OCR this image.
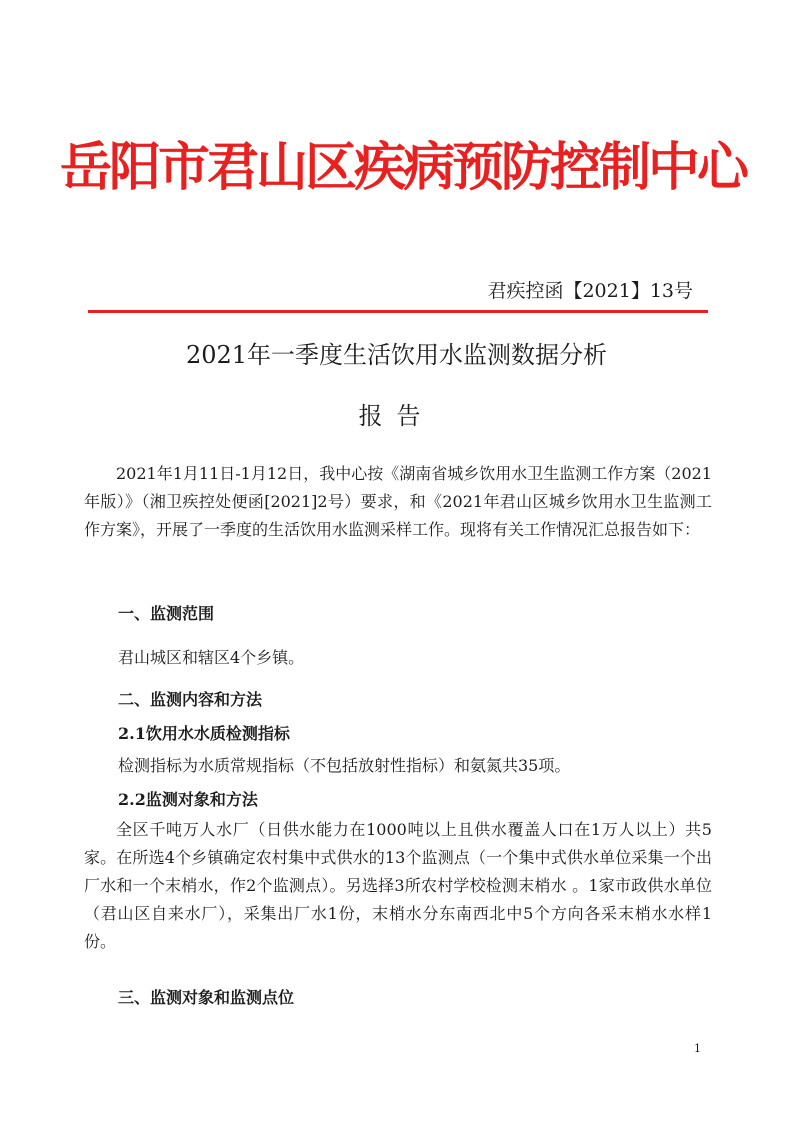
岳阳市君山区疾病预防控制中心
君疾控函【2021】13号
2021年一季度生活饮用水监测数据分析
报告
2021年1月11日-1月12日，我中心按《湖南省城乡饮用水卫生监测工作方案（2021年版）》（湘卫疾控处便函[2021]2号）要求，和《2021年君山区城乡饮用水卫生监测工作方案》，开展了一季度的生活饮用水监测采样工作。现将有关工作情况汇总报告如下：
一、监测范围
君山城区和辖区4个乡镇。
二、监测内容和方法
2.1饮用水水质检测指标
检测指标为水质常规指标（不包括放射性指标）和氨氮共35项。
2.2监测对象和方法
全区千吨万人水厂（日供水能力在1000吨以上且供水覆盖人口在1万人以上）共5家。在所选4个乡镇确定农村集中式供水的13个监测点（一个集中式供水单位采集一个出厂水和一个末梢水，作2个监测点）。另选择3所农村学校检测末梢水 。1家市政供水单位（君山区自来水厂），采集出厂水1份，末梢水分东南西北中5个方向各采末梢水水样1份。
三、监测对象和监测点位
1
